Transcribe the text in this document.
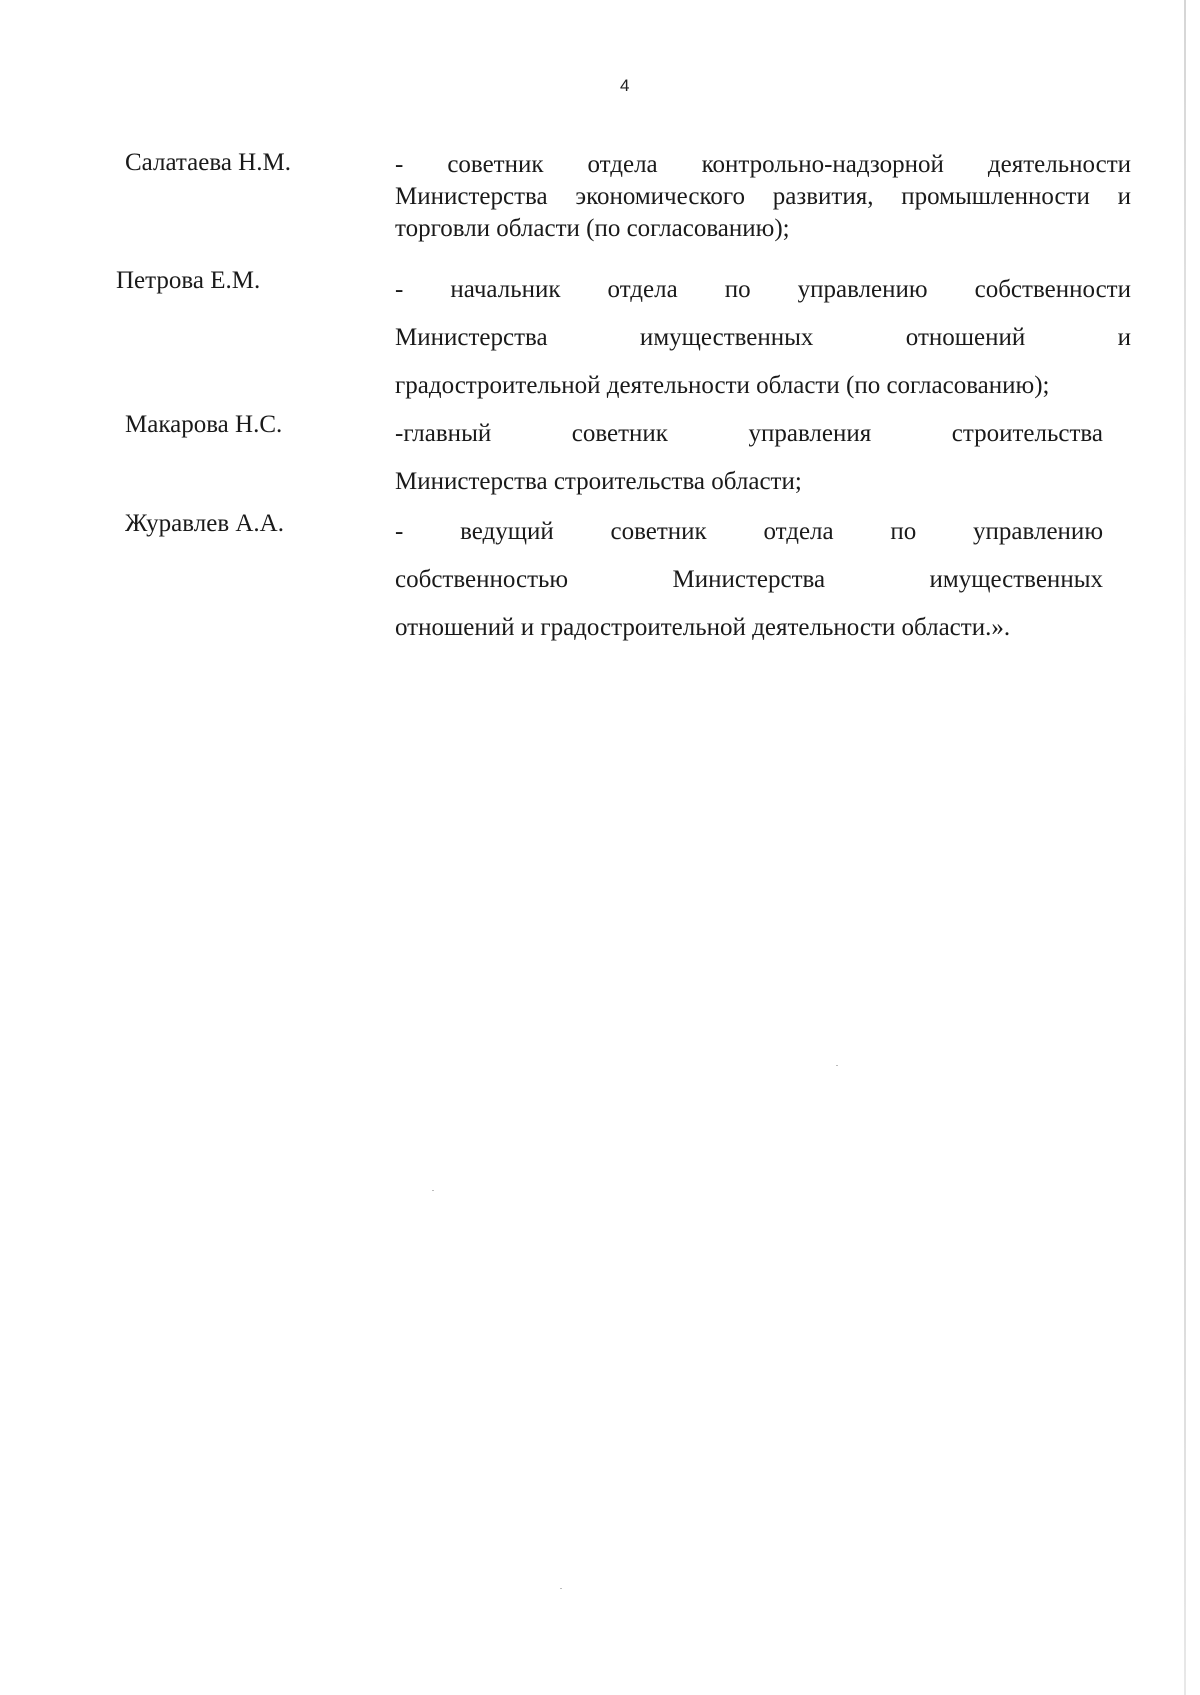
4
Салатаева Н.М.	- советник отдела контрольно-надзорной деятельности
Министерства экономического развития, промышленности и
торговли области (по согласованию);
Петрова Е.М.	- начальник отдела по управлению собственности
Министерства имущественных отношений и
градостроительной деятельности области (по согласованию);
Макарова Н.С.	-главный советник управления строительства
Министерства строительства области;
Журавлев А.А.	- ведущий советник отдела по управлению
собственностью Министерства имущественных
отношений и градостроительной деятельности области.».
